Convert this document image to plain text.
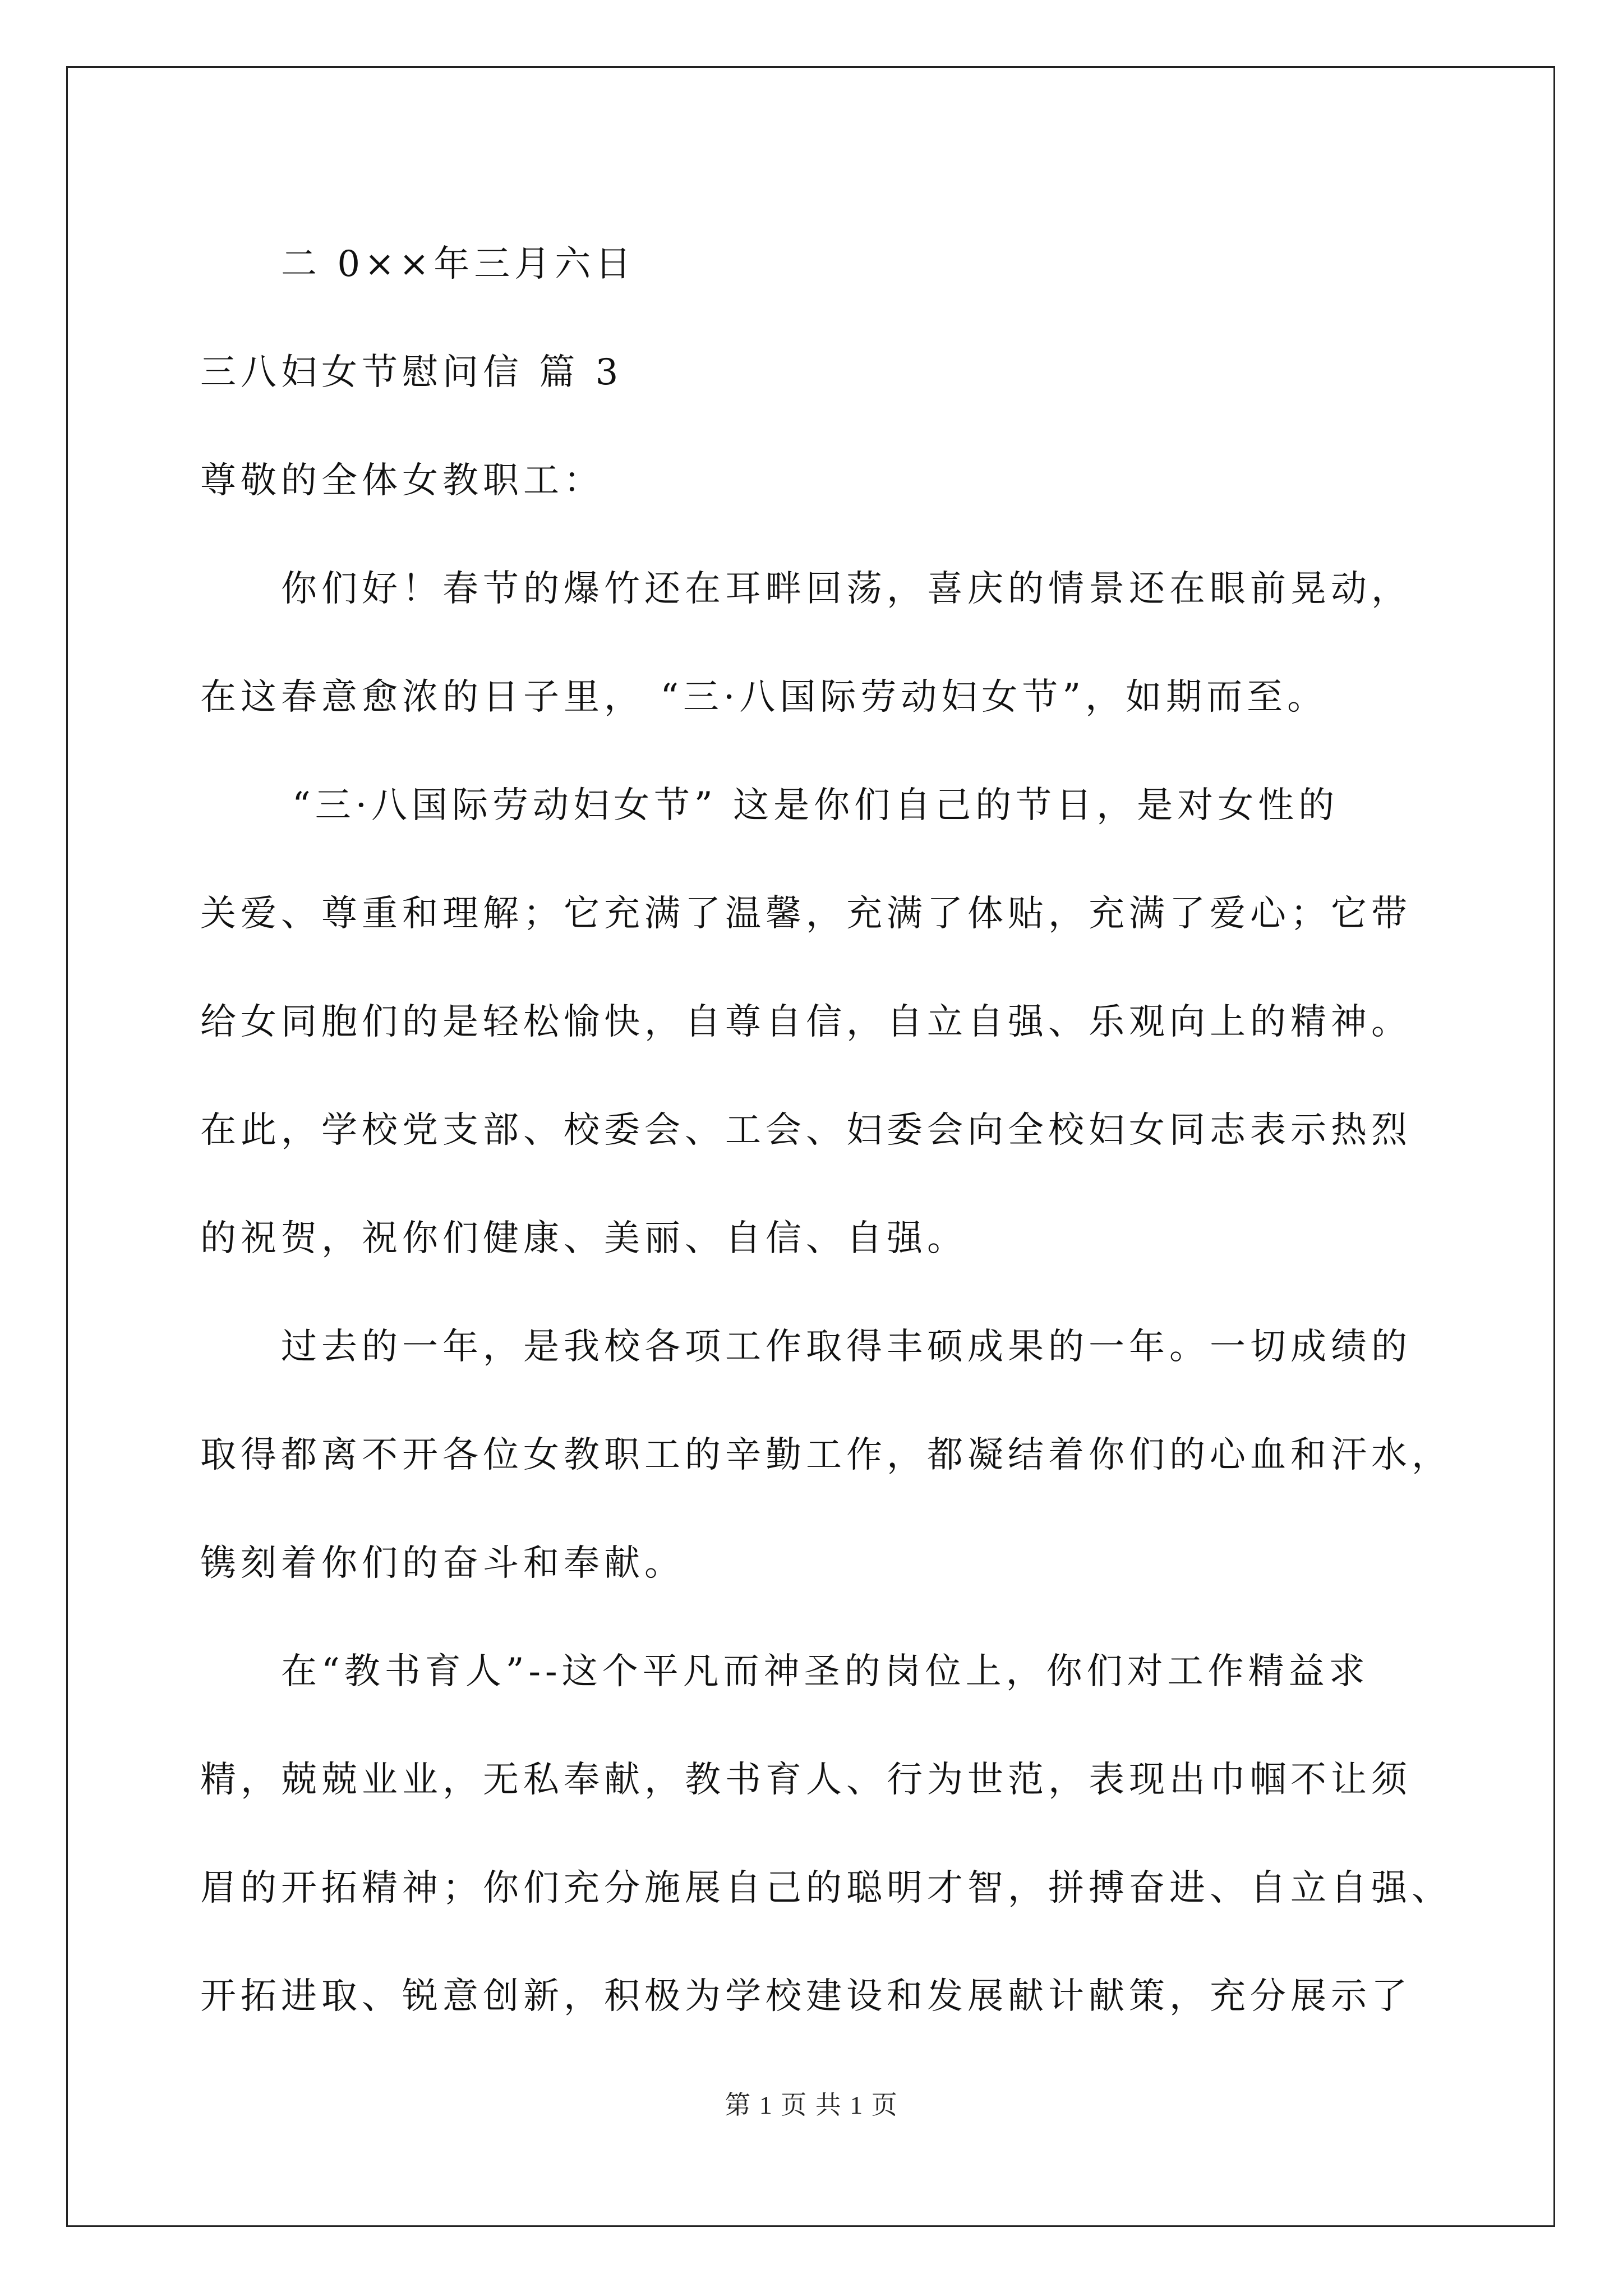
二 0××年三月六日
三八妇女节慰问信 篇 3
尊敬的全体女教职工：
你们好！春节的爆竹还在耳畔回荡，喜庆的情景还在眼前晃动，
在这春意愈浓的日子里， “三·八国际劳动妇女节”，如期而至。
“三·八国际劳动妇女节” 这是你们自己的节日，是对女性的
关爱、尊重和理解；它充满了温馨，充满了体贴，充满了爱心；它带
给女同胞们的是轻松愉快，自尊自信，自立自强、乐观向上的精神。
在此，学校党支部、校委会、工会、妇委会向全校妇女同志表示热烈
的祝贺，祝你们健康、美丽、自信、自强。
过去的一年，是我校各项工作取得丰硕成果的一年。一切成绩的
取得都离不开各位女教职工的辛勤工作，都凝结着你们的心血和汗水，
镌刻着你们的奋斗和奉献。
在“教书育人”--这个平凡而神圣的岗位上，你们对工作精益求
精，兢兢业业，无私奉献，教书育人、行为世范，表现出巾帼不让须
眉的开拓精神；你们充分施展自己的聪明才智，拼搏奋进、自立自强、
开拓进取、锐意创新，积极为学校建设和发展献计献策，充分展示了
第 1 页 共 1 页
